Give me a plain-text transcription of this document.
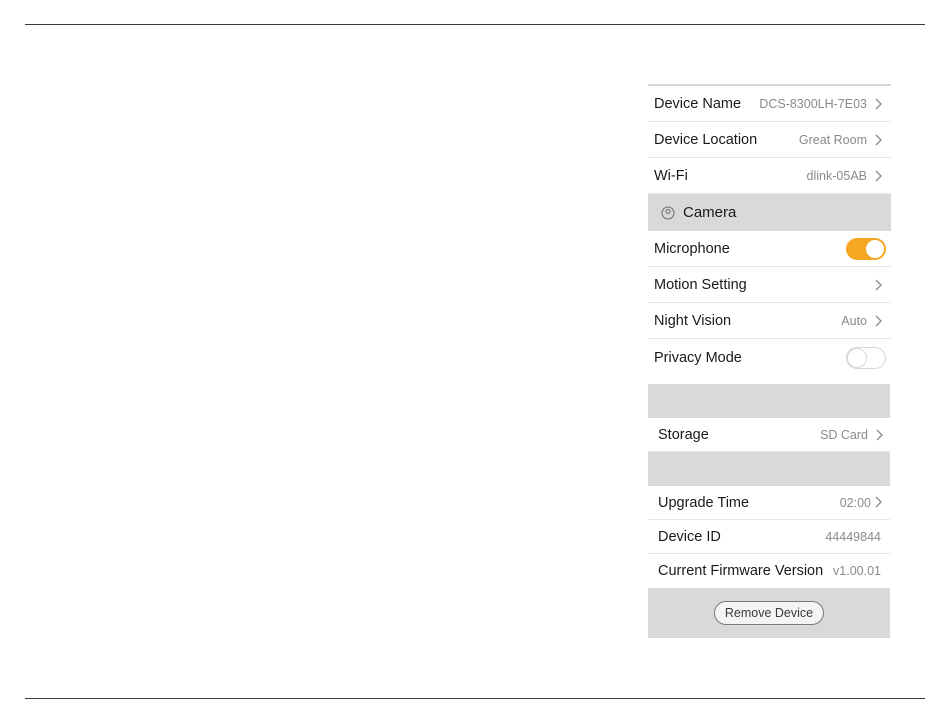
Device Name	DCS-8300LH-7E03
Device Location	Great Room
Wi-Fi	dlink-05AB
Camera
Microphone
Motion Setting
Night Vision	Auto
Privacy Mode
Storage	SD Card
Upgrade Time	02:00
Device ID	44449844
Current Firmware Version v1.00.01
Remove Device
